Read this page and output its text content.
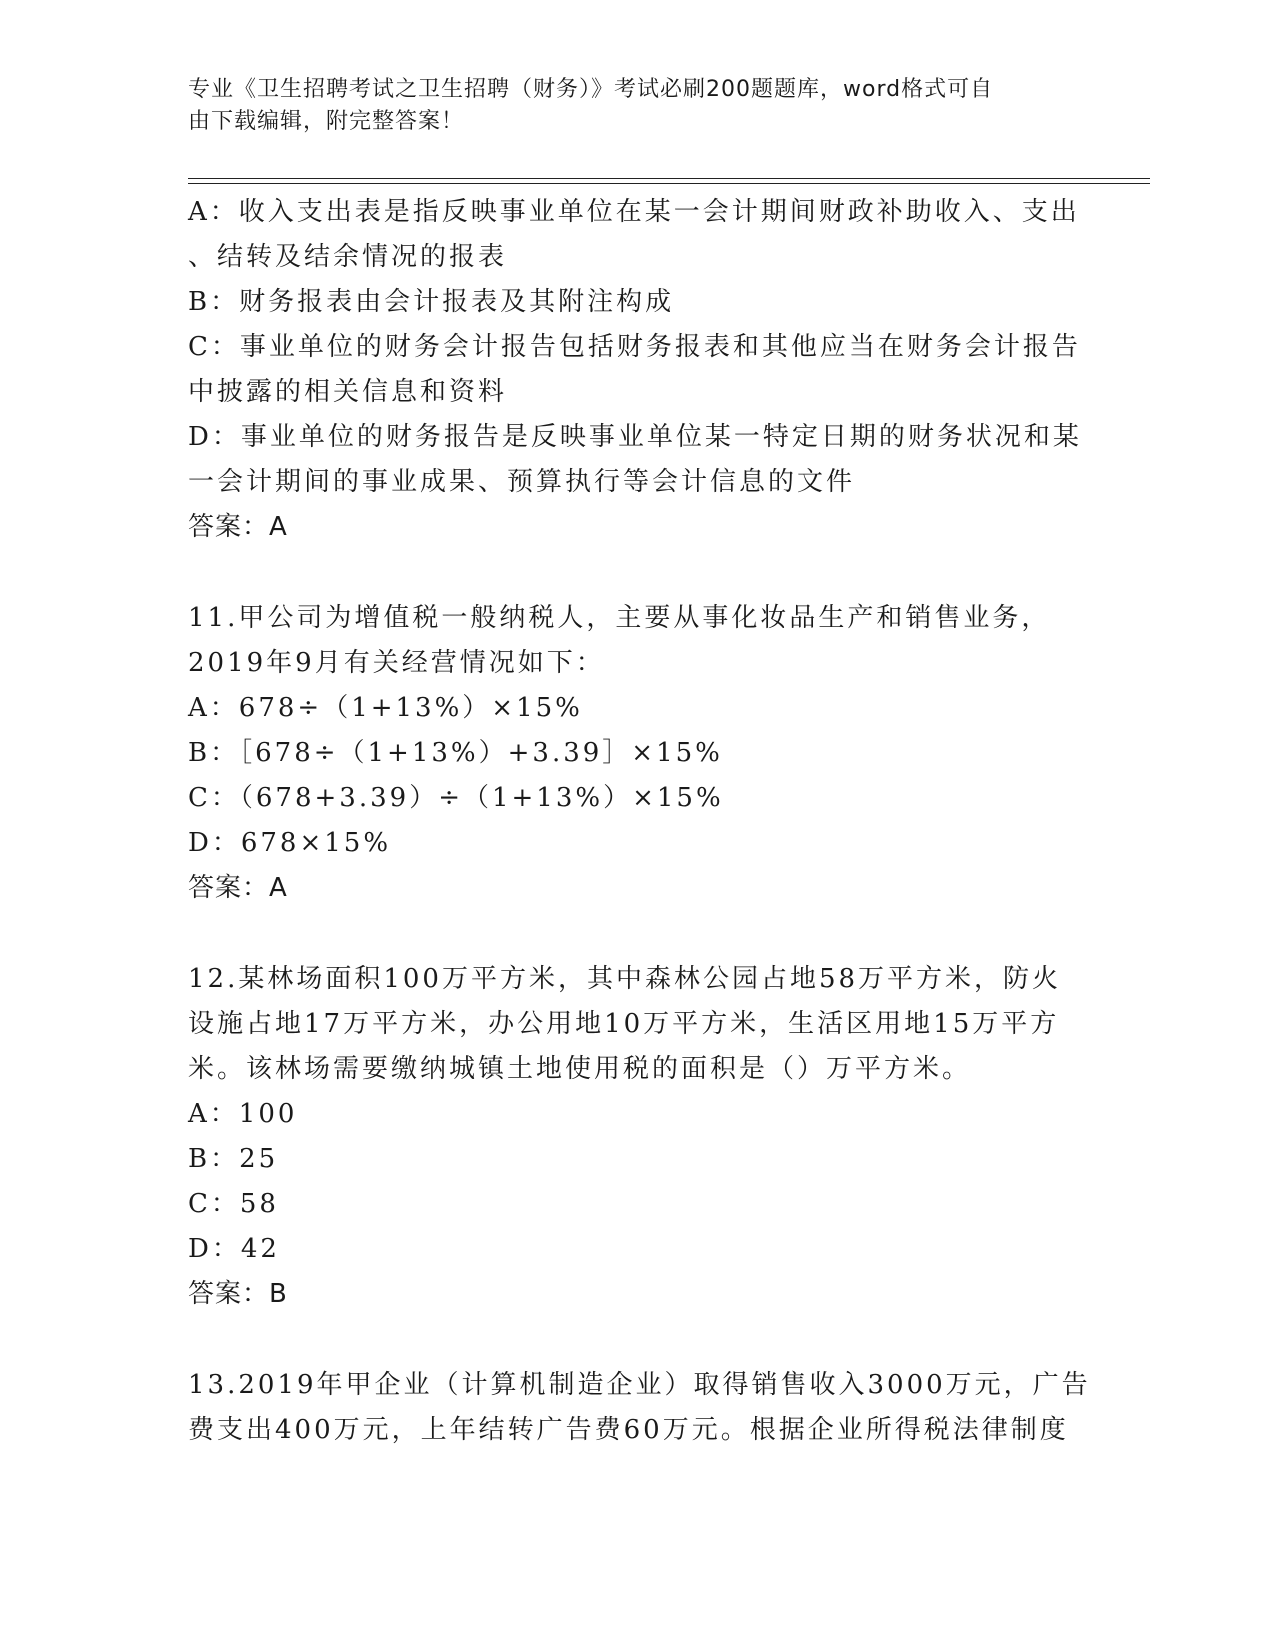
专业《卫生招聘考试之卫生招聘（财务）》考试必刷200题题库，word格式可自
由下载编辑，附完整答案！
A：收入支出表是指反映事业单位在某一会计期间财政补助收入、支出
、结转及结余情况的报表
B：财务报表由会计报表及其附注构成
C：事业单位的财务会计报告包括财务报表和其他应当在财务会计报告
中披露的相关信息和资料
D：事业单位的财务报告是反映事业单位某一特定日期的财务状况和某
一会计期间的事业成果、预算执行等会计信息的文件
答案：A
11.甲公司为增值税一般纳税人，主要从事化妆品生产和销售业务，
2019年9月有关经营情况如下：
A：678÷（1+13%）×15%
B：［678÷（1+13%）+3.39］×15%
C：（678+3.39）÷（1+13%）×15%
D：678×15%
答案：A
12.某林场面积100万平方米，其中森林公园占地58万平方米，防火
设施占地17万平方米，办公用地10万平方米，生活区用地15万平方
米。该林场需要缴纳城镇土地使用税的面积是（）万平方米。
A：100
B：25
C：58
D：42
答案：B
13.2019年甲企业（计算机制造企业）取得销售收入3000万元，广告
费支出400万元，上年结转广告费60万元。根据企业所得税法律制度
